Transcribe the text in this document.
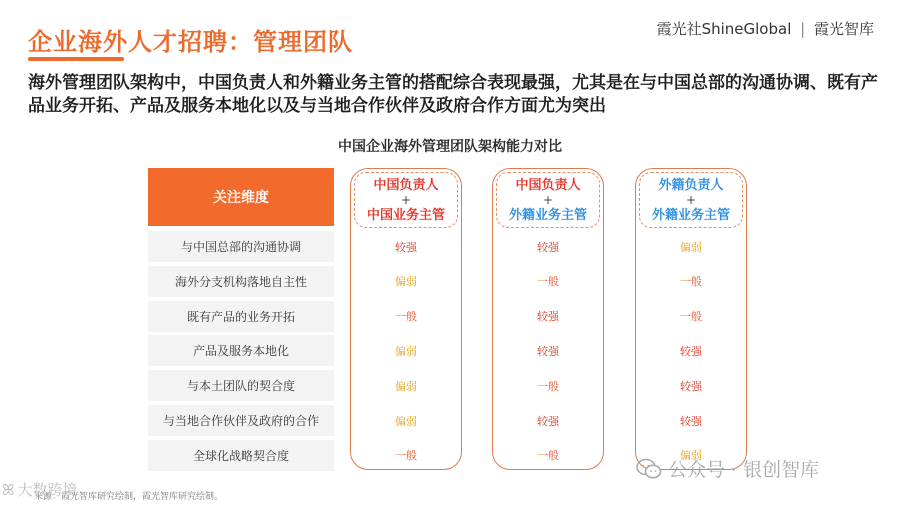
企业海外人才招聘：管理团队	霞光社ShineGlobal | 霞光智库
海外管理团队架构中，中国负责人和外籍业务主管的搭配综合表现最强，尤其是在与中国总部的沟通协调、既有产品业务开拓、产品及服务本地化以及与当地合作伙伴及政府合作方面尤为突出
中国企业海外管理团队架构能力对比
关注维度
与中国总部的沟通协调
海外分支机构落地自主性
既有产品的业务开拓
产品及服务本地化
与本土团队的契合度
与当地合作伙伴及政府的合作
全球化战略契合度
中国负责人
+
中国业务主管
较强
偏弱
一般
偏弱
偏弱
偏弱
一般
中国负责人
+
外籍业务主管
较强
一般
较强
较强
一般
较强
一般
外籍负责人
+
外籍业务主管
偏弱
一般
一般
较强
较强
较强
偏弱
来源：霞光智库研究绘制，霞光智库研究绘制。
ꕤ 大数跨境
公众号 · 银创智库
